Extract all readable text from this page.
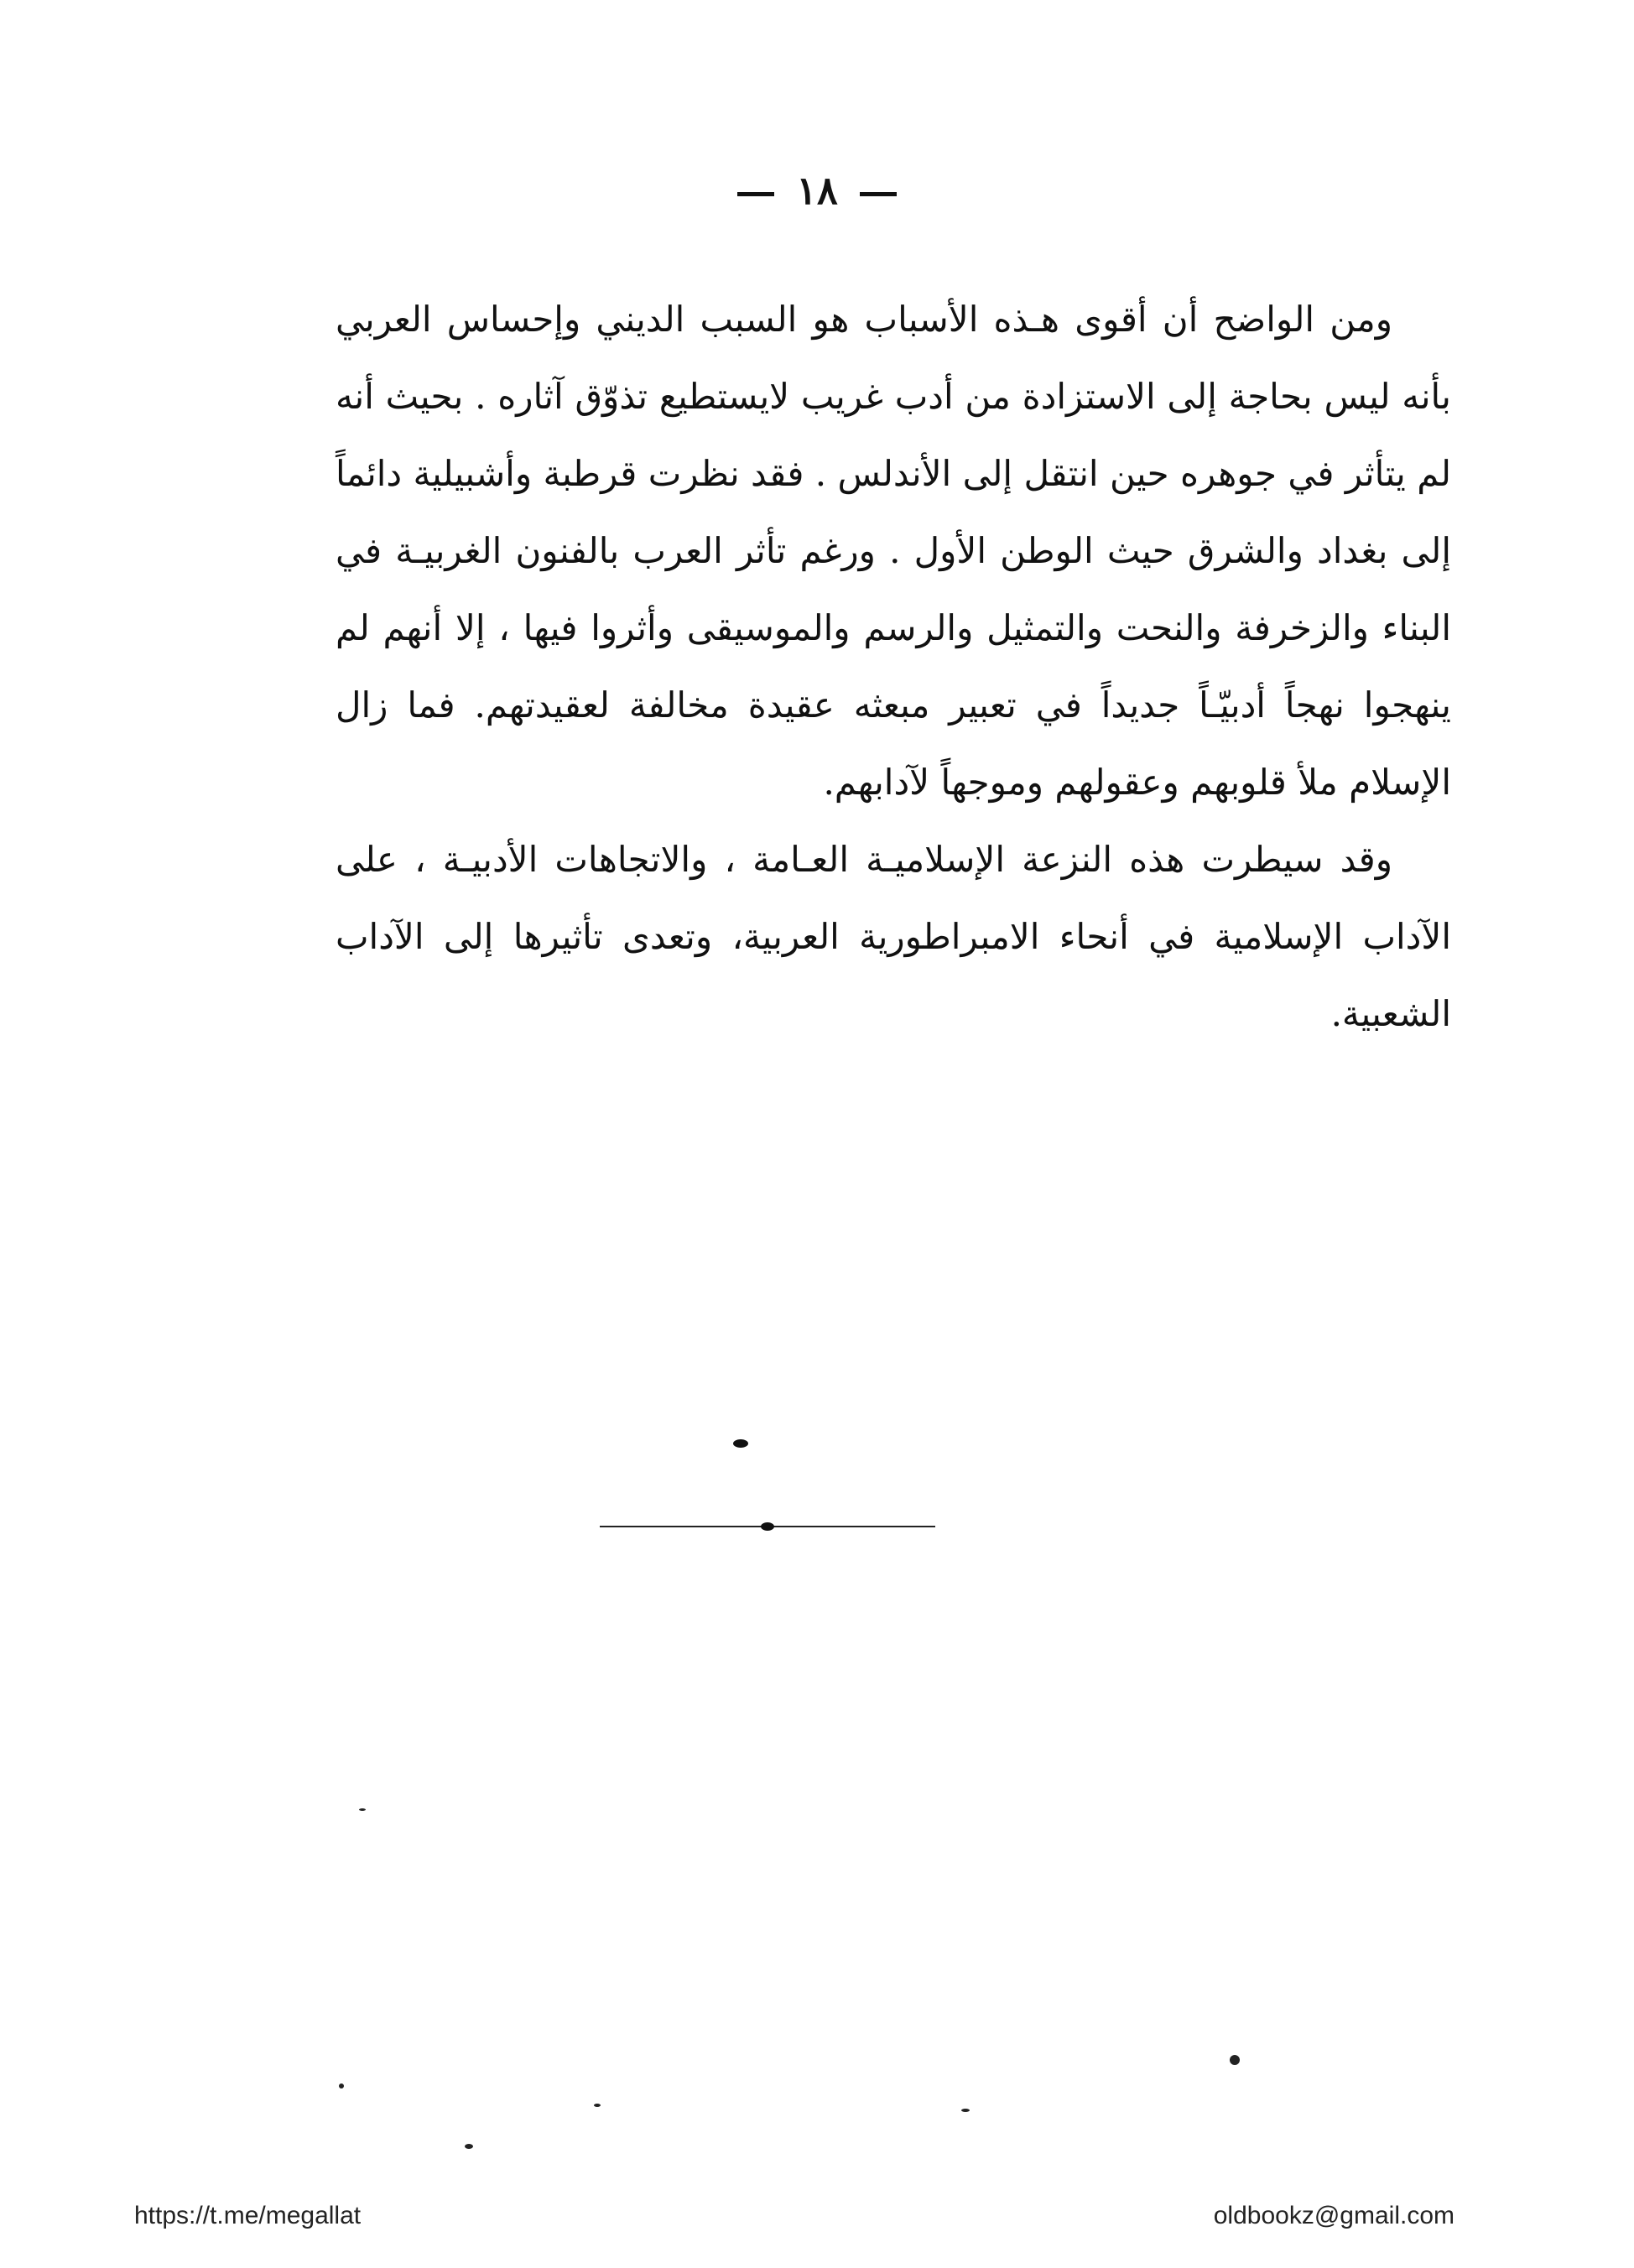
١٨

ومن الواضح أن أقوى هـذه الأسباب هو السبب الديني وإحساس العربي بأنه ليس بحاجة إلى الاستزادة من أدب غريب لايستطيع تذوّق آثاره . بحيث أنه لم يتأثر في جوهره حين انتقل إلى الأندلس . فقد نظرت قرطبة وأشبيلية دائماً إلى بغداد والشرق حيث الوطن الأول . ورغم تأثر العرب بالفنون الغربيـة في البناء والزخرفة والنحت والتمثيل والرسم والموسيقى وأثروا فيها ، إلا أنهم لم ينهجوا نهجاً أدبيّـاً جديداً في تعبير مبعثه عقيدة مخالفة لعقيدتهم. فما زال الإسلام ملأ قلوبهم وعقولهم وموجهاً لآدابهم.

وقد سيطرت هذه النزعة الإسلاميـة العـامة ، والاتجاهات الأدبيـة ، على الآداب الإسلامية في أنحاء الامبراطورية العربية، وتعدى تأثيرها إلى الآداب الشعبية.

https://t.me/megallat	oldbookz@gmail.com
